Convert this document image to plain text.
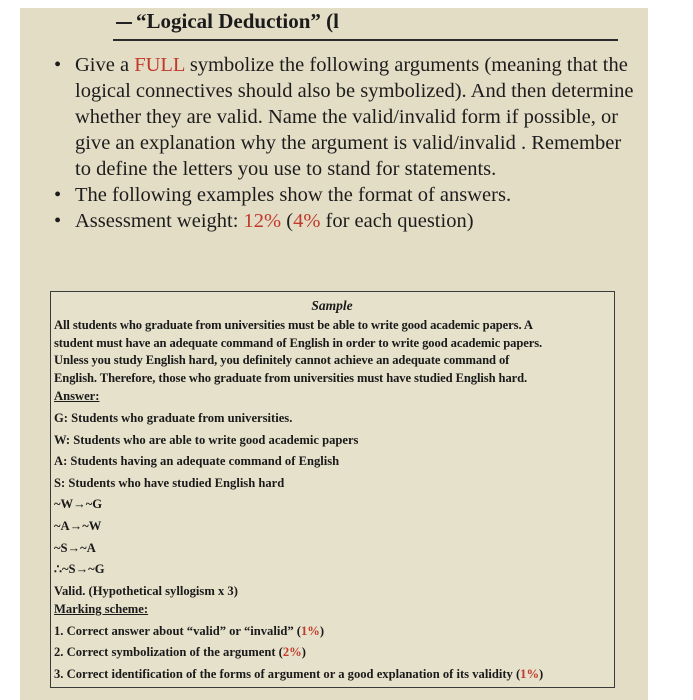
“Logical Deduction” (l
• Give a FULL symbolize the following arguments (meaning that the logical connectives should also be symbolized). And then determine whether they are valid. Name the valid/invalid form if possible, or give an explanation why the argument is valid/invalid . Remember to define the letters you use to stand for statements.
• The following examples show the format of answers.
• Assessment weight: 12% (4% for each question)
Sample
All students who graduate from universities must be able to write good academic papers. A
student must have an adequate command of English in order to write good academic papers.
Unless you study English hard, you definitely cannot achieve an adequate command of
English. Therefore, those who graduate from universities must have studied English hard.
Answer:
G: Students who graduate from universities.
W: Students who are able to write good academic papers
A: Students having an adequate command of English
S: Students who have studied English hard
~W→~G
~A→~W
~S→~A
∴~S→~G
Valid. (Hypothetical syllogism x 3)
Marking scheme:
1. Correct answer about “valid” or “invalid” (1%)
2. Correct symbolization of the argument (2%)
3. Correct identification of the forms of argument or a good explanation of its validity (1%)
